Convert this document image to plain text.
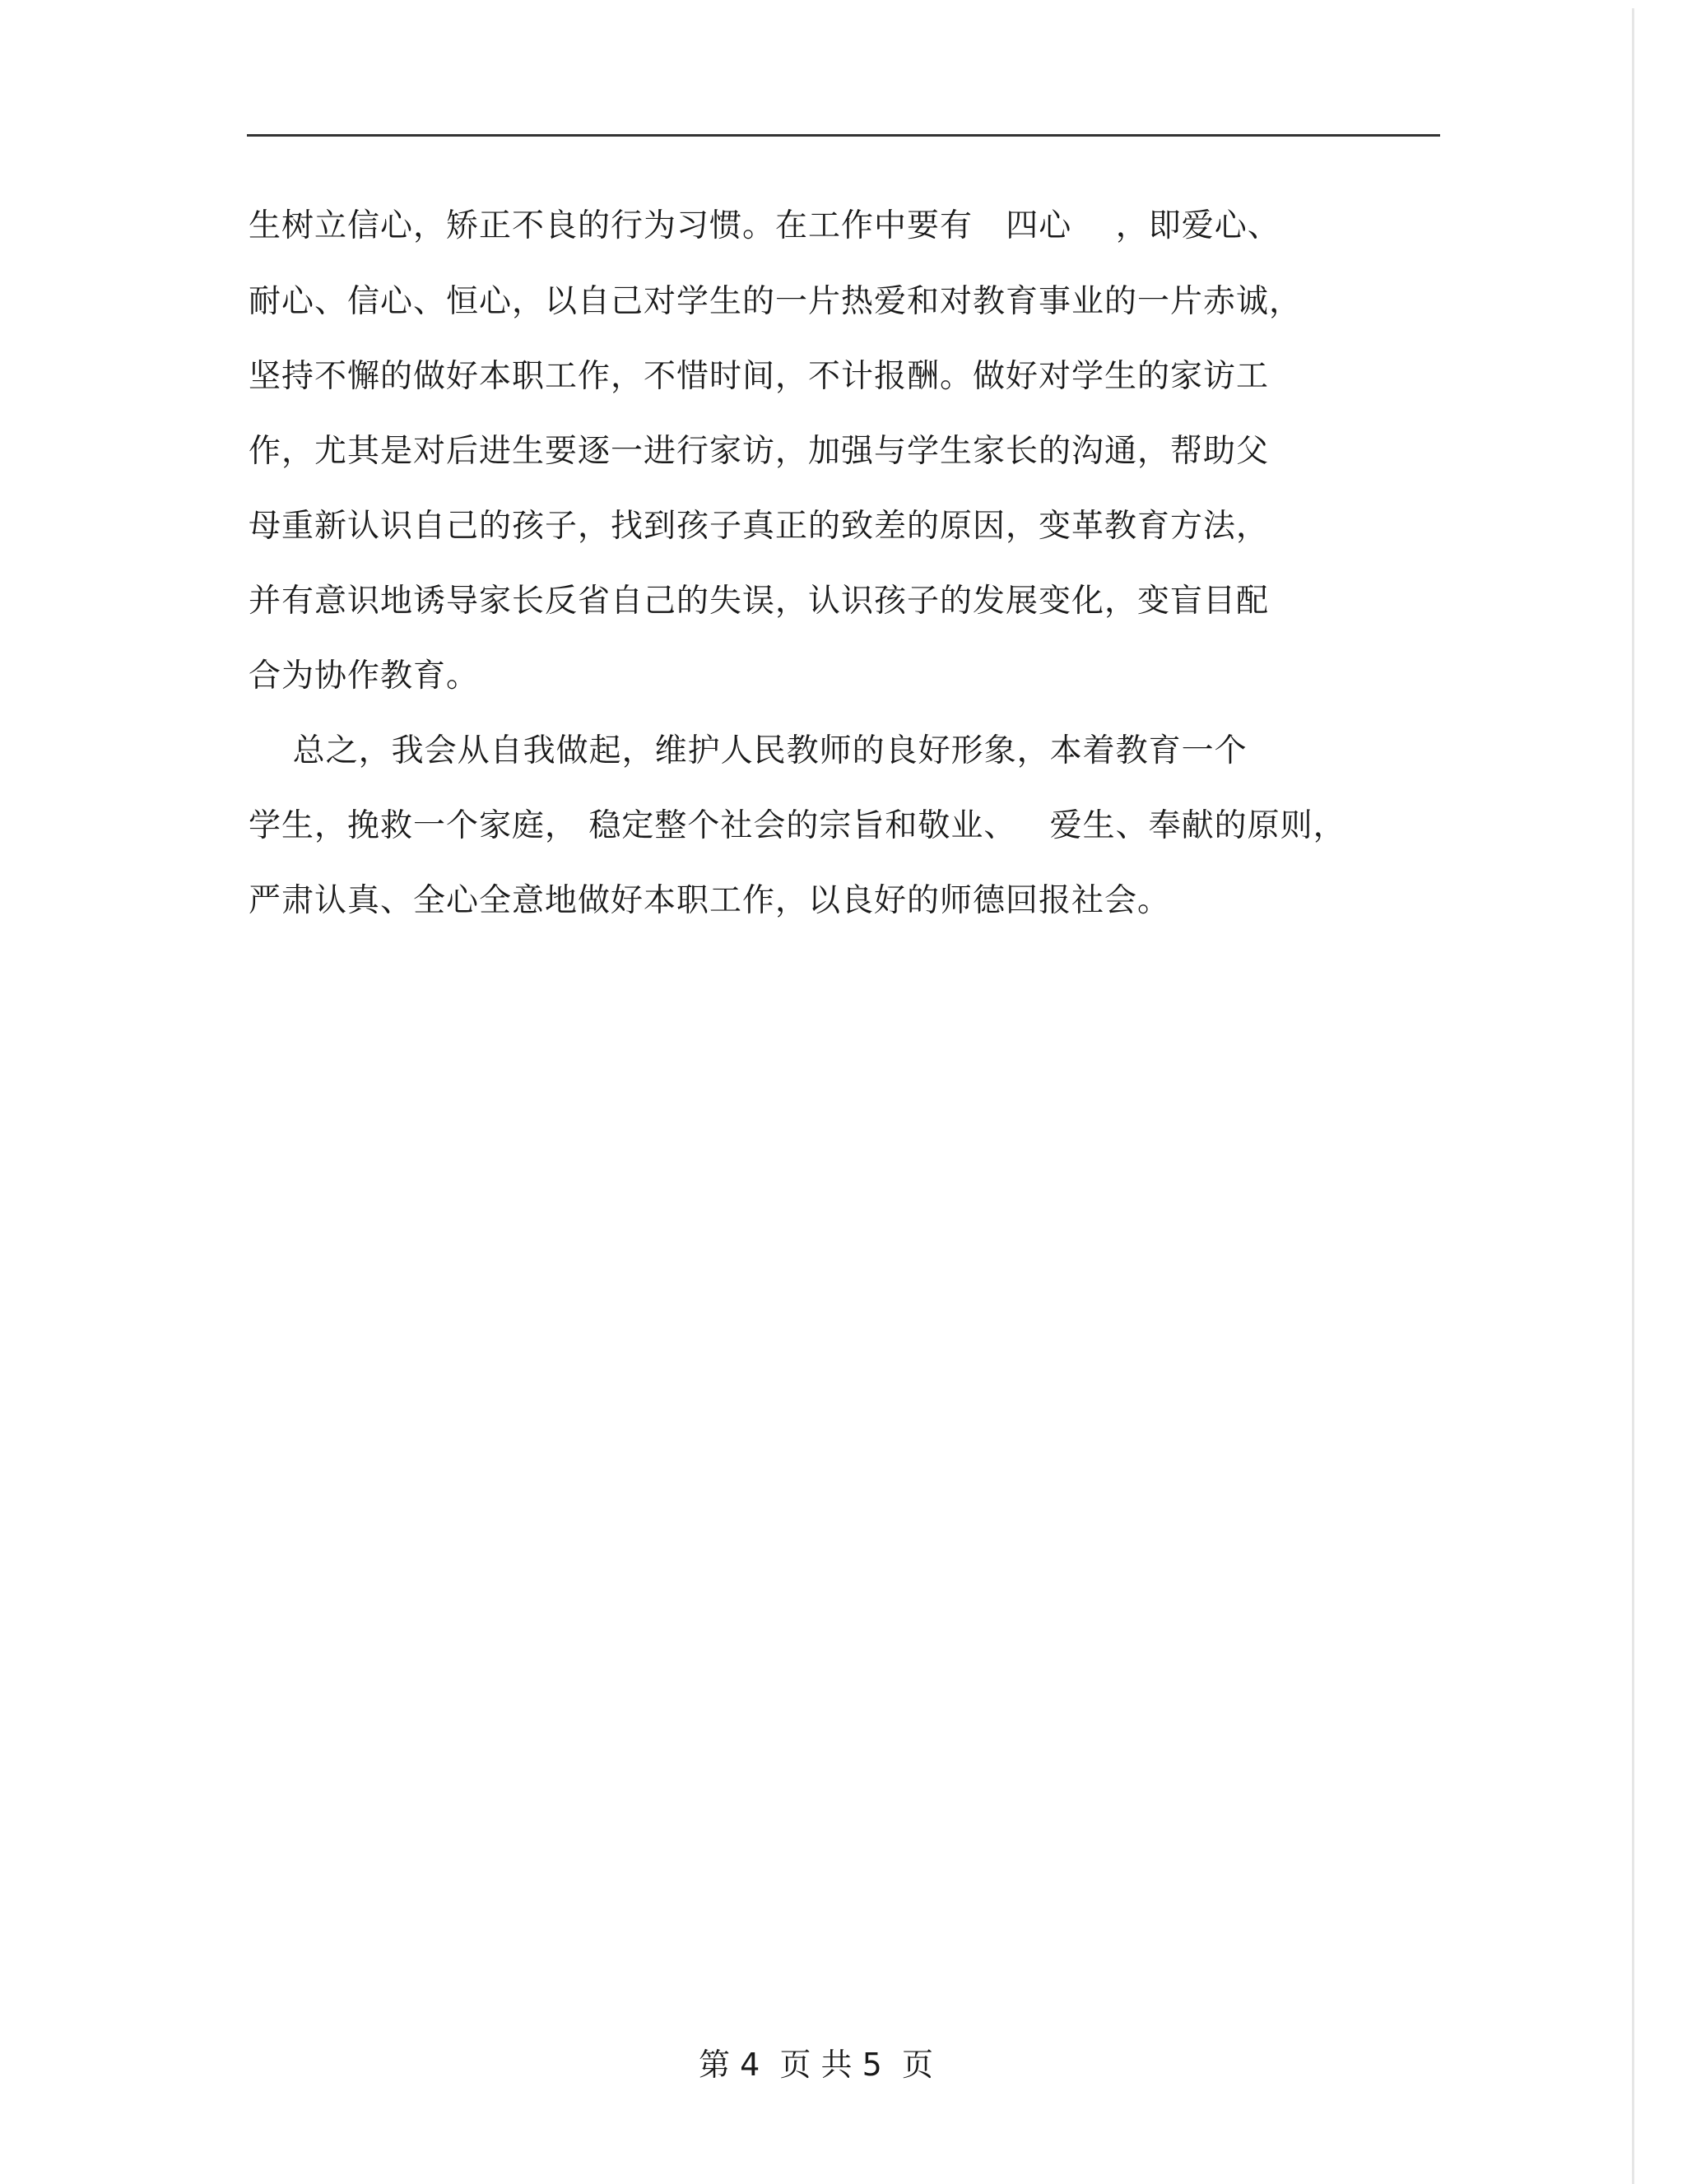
生树立信心，矫正不良的行为习惯。在工作中要有   四心    ，即爱心、
耐心、信心、恒心，以自己对学生的一片热爱和对教育事业的一片赤诚，
坚持不懈的做好本职工作，不惜时间，不计报酬。做好对学生的家访工
作，尤其是对后进生要逐一进行家访，加强与学生家长的沟通，帮助父
母重新认识自己的孩子，找到孩子真正的致差的原因，变革教育方法，
并有意识地诱导家长反省自己的失误，认识孩子的发展变化，变盲目配
合为协作教育。
总之，我会从自我做起，维护人民教师的良好形象，本着教育一个
学生，挽救一个家庭， 稳定整个社会的宗旨和敬业、   爱生、奉献的原则，
严肃认真、全心全意地做好本职工作，以良好的师德回报社会。
第 4  页 共 5  页
